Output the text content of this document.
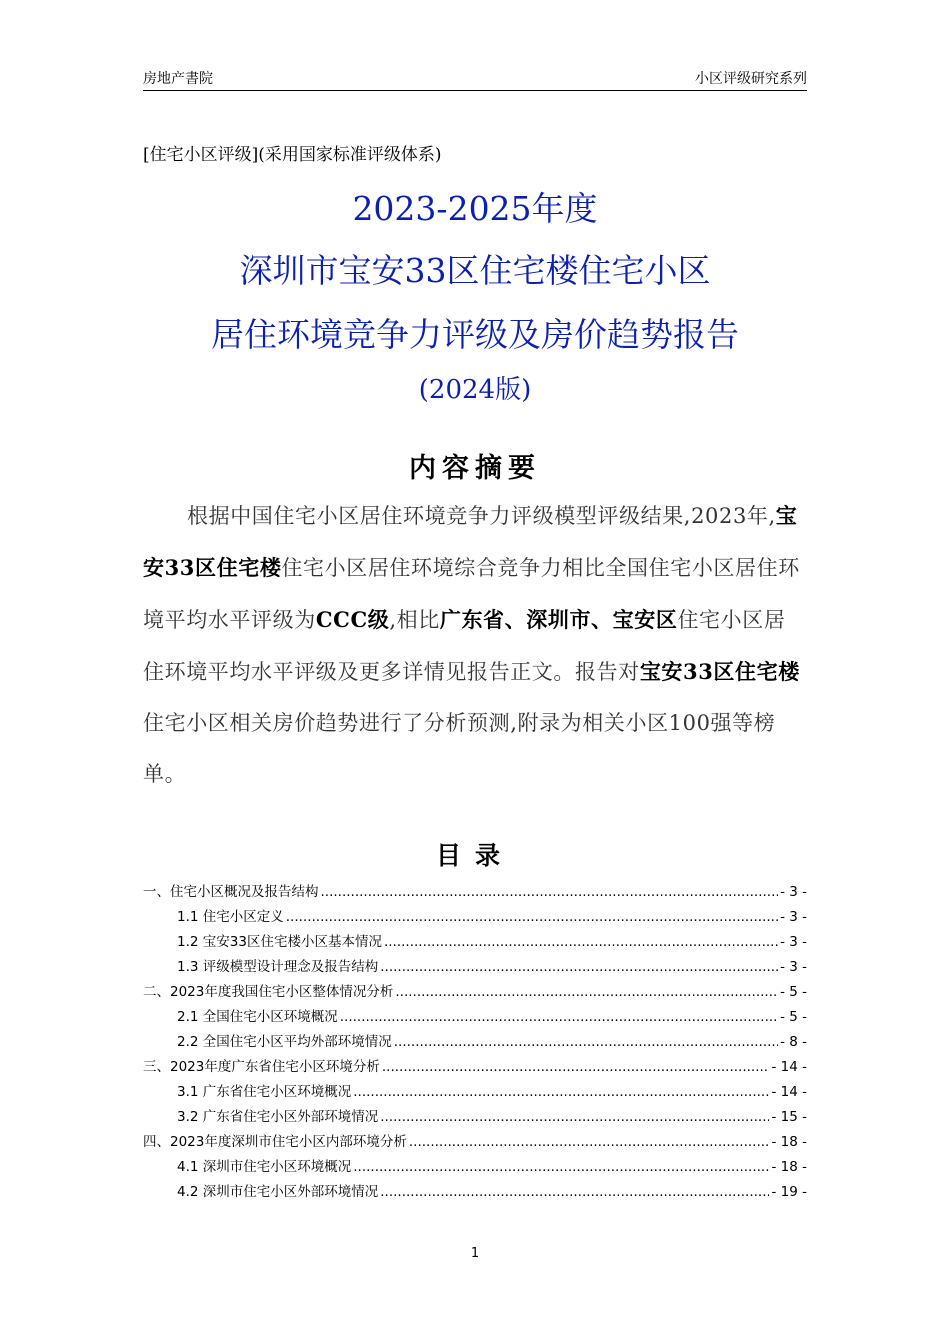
房地产書院	小区评级研究系列
[住宅小区评级](采用国家标准评级体系)
2023-2025年度
深圳市宝安33区住宅楼住宅小区
居住环境竞争力评级及房价趋势报告
(2024版)
内容摘要

根据中国住宅小区居住环境竞争力评级模型评级结果,2023年,宝安33区住宅楼住宅小区居住环境综合竞争力相比全国住宅小区居住环境平均水平评级为CCC级,相比广东省、深圳市、宝安区住宅小区居住环境平均水平评级及更多详情见报告正文。报告对宝安33区住宅楼住宅小区相关房价趋势进行了分析预测,附录为相关小区100强等榜单。

目录
一、住宅小区概况及报告结构 .....	- 3 -
1.1 住宅小区定义 .....	- 3 -
1.2 宝安33区住宅楼小区基本情况 .....	- 3 -
1.3 评级模型设计理念及报告结构 .....	- 3 -
二、2023年度我国住宅小区整体情况分析 .....	- 5 -
2.1 全国住宅小区环境概况 .....	- 5 -
2.2 全国住宅小区平均外部环境情况 .....	- 8 -
三、2023年度广东省住宅小区环境分析 .....	- 14 -
3.1 广东省住宅小区环境概况 .....	- 14 -
3.2 广东省住宅小区外部环境情况 .....	- 15 -
四、2023年度深圳市住宅小区内部环境分析 .....	- 18 -
4.1 深圳市住宅小区环境概况 .....	- 18 -
4.2 深圳市住宅小区外部环境情况 .....	- 19 -
1
